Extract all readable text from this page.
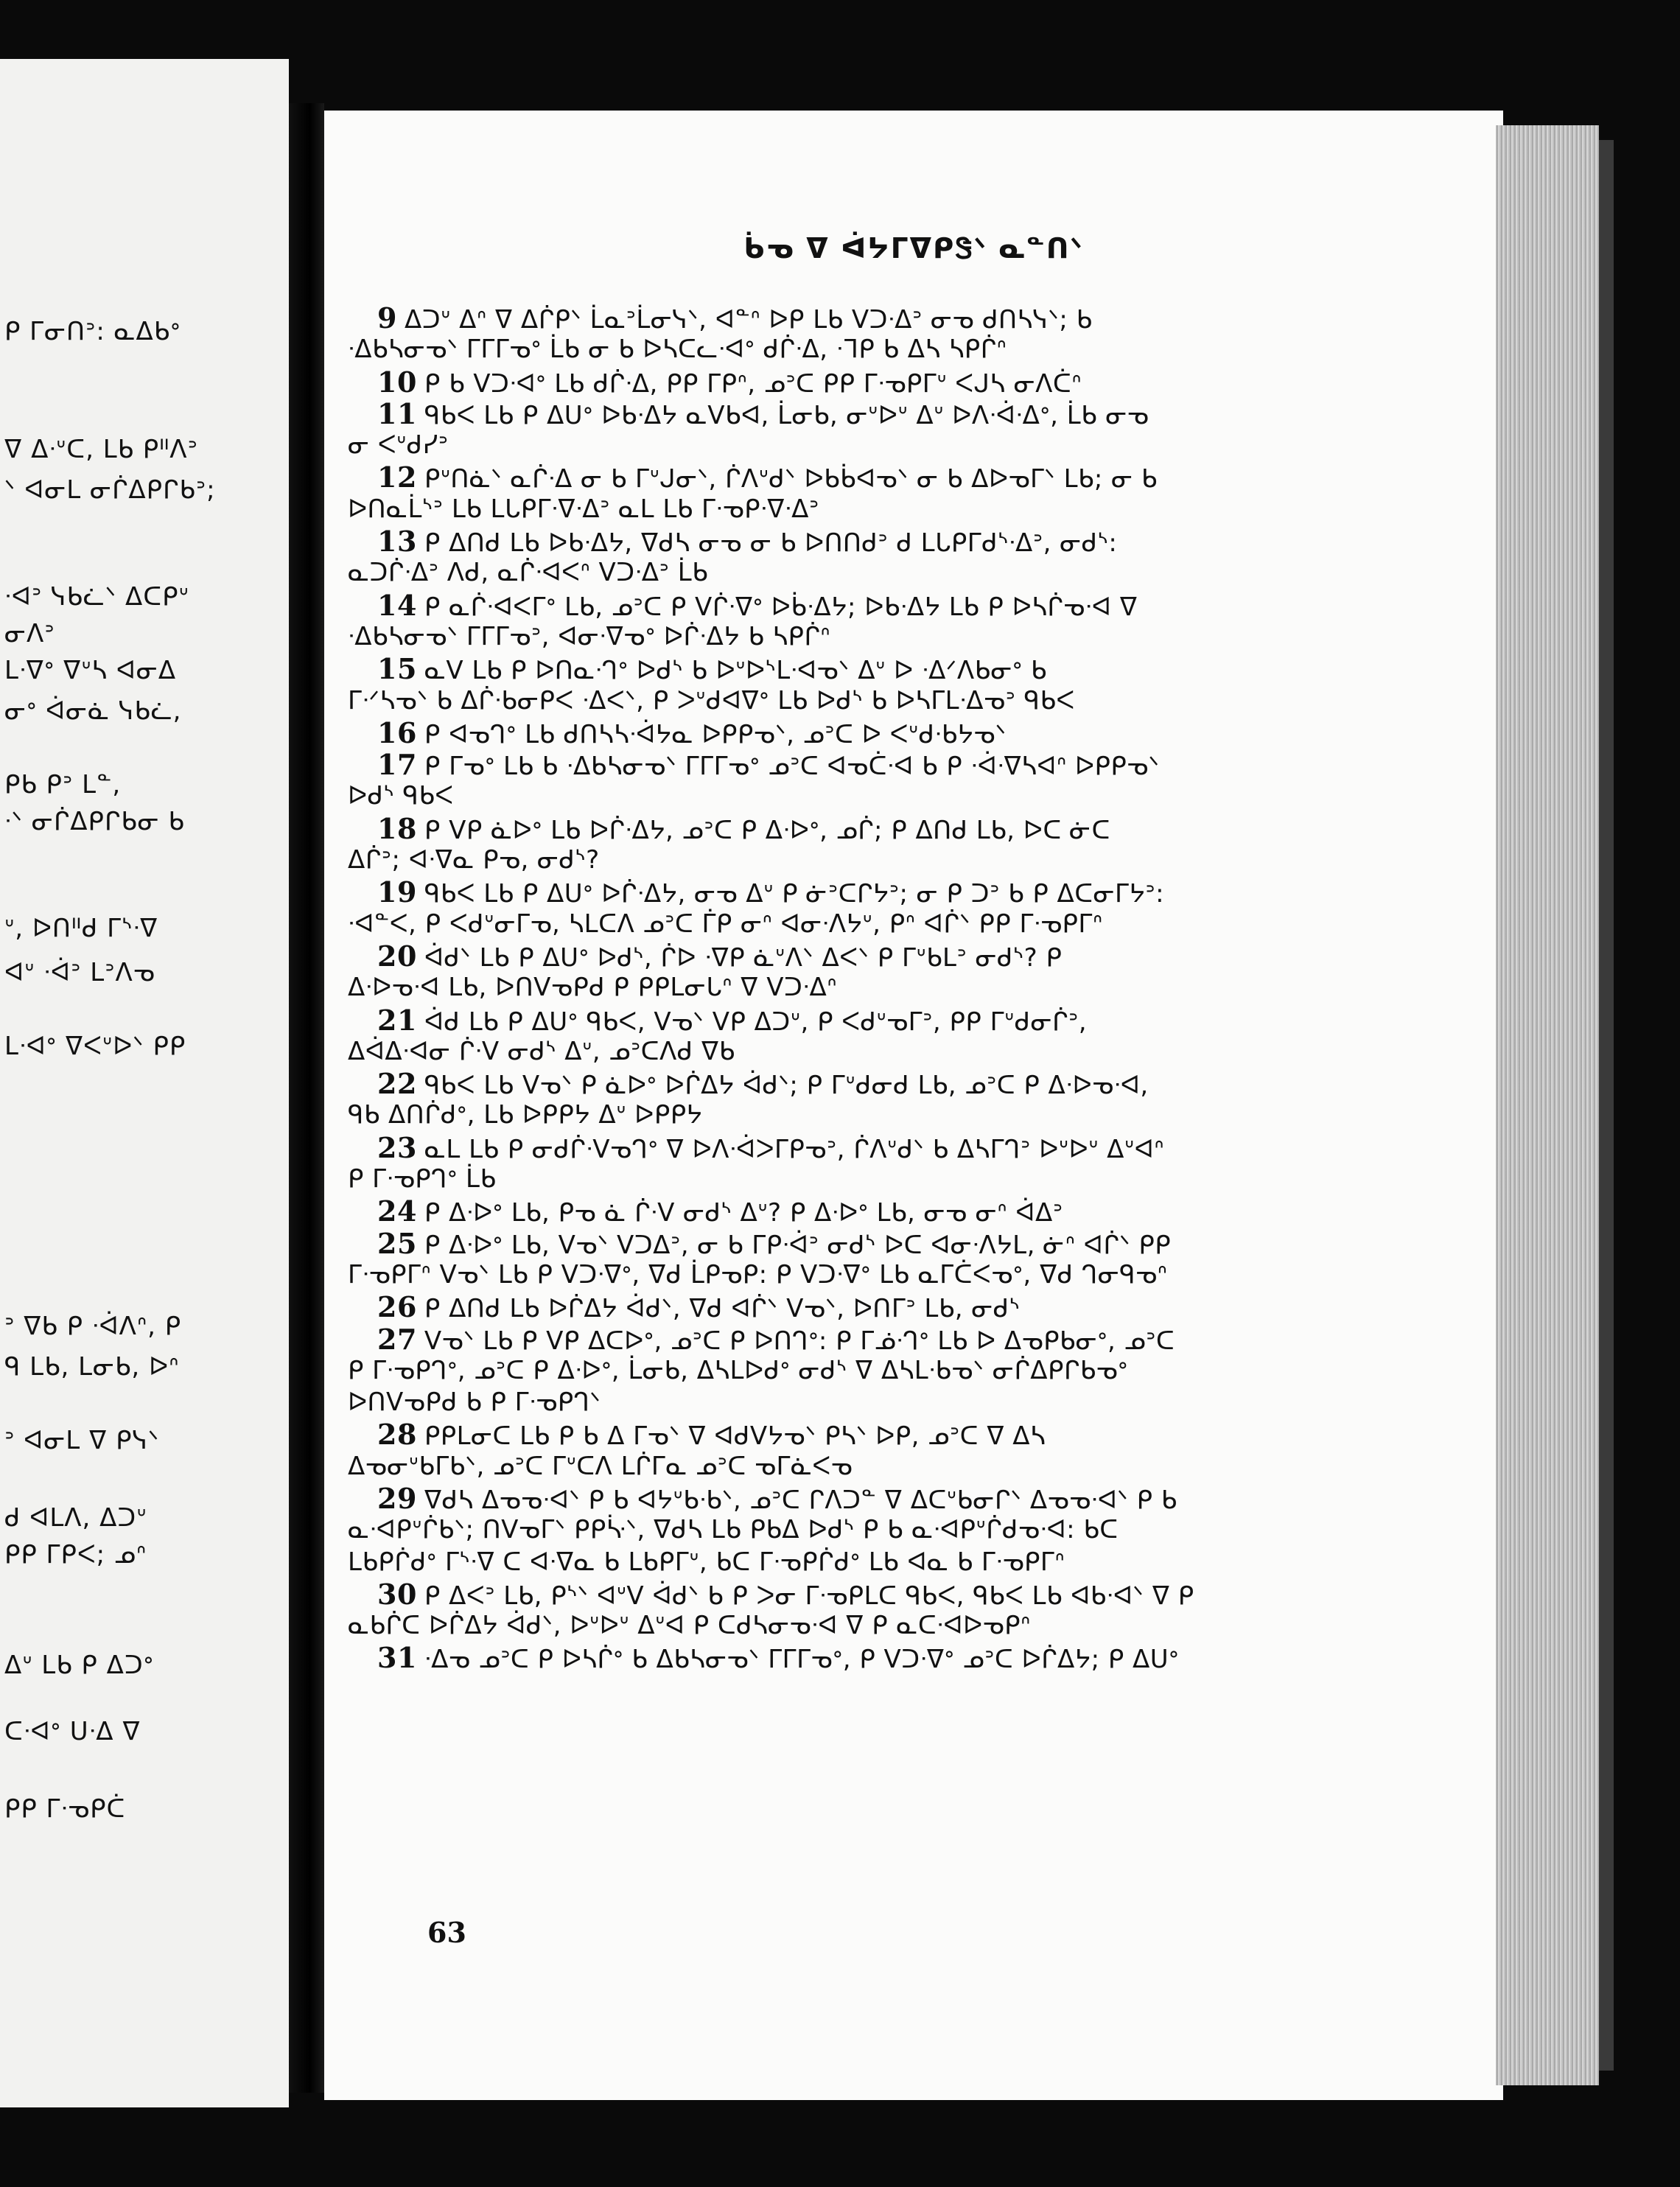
ᑭ ᒥᓂᑎᐣ: ᓇᐃᑲᐤ
ᐁ ᐃᐧᐡᑕ, ᒪᑲ ᑭᐦᐱᐣ
ᐠ ᐊᓂᒪ ᓂᒌᐃᑭᒋᑲᐣ;
ᐧᐊᐣ ᓭᑲᓛᐠ ᐃᑕᑭᐡ
ᓂᐱᐣ
ᒪᐧᐁᐤ ᐁᐡᓴ ᐊᓂᐃ
ᓂᐤ ᐋᓂᓈ ᓭᑲᓛ,
ᑭᑲ ᑭᐣ ᒪᓐ,
ᐧᐠ ᓂᒌᐃᑭᒋᑲᓂ ᑲ
ᐡ, ᐅᑎᐦᑯ ᒥᔅᐧᐁ
ᐊᐡ ᐧᐋᐣ ᒪᐣᐱᓀ
ᒪᐧᐊᐤ ᐁᐸᐡᐅᐠ ᑭᑭ
ᐣ ᐁᑲ ᑭ ᐧᐋᐱᐢ, ᑭ
ᑫ ᒪᑲ, ᒪᓂᑲ, ᐅᐢ
ᐣ ᐊᓂᒪ ᐁ ᑭᓭᐠ
ᑯ ᐊᒪᐱ, ᐃᑐᐡ
ᑭᑭ ᒥᑭᐸ; ᓄᐢ
ᐃᐡ ᒪᑲ ᑭ ᐃᑐᐤ
ᑕᐧᐊᐤ ᑌᐧᐃ ᐁ
ᑭᑭ ᒥᐧᓀᑭᑖ
ᑳᓀ ᐁ ᐋᔭᒥᐁᑭᏕᐠ ᓇᓐᑎᐠ
9 ᐃᑐᐡ ᐃᐢ ᐁ ᐃᒌᑭᐠ ᒫᓇᐣᒫᓂᓭᐠ, ᐊᓐᐢ ᐅᑭ ᒪᑲ ᐯᑐᐧᐃᐣ ᓂᓀ ᑯᑎᓴᓭᐠ; ᑲ
ᐧᐃᑲᓴᓂᓀᐠ ᒥᒥᒥᓀᐤ ᒫᑲ ᓂ ᑲ ᐅᓴᑕᓚᐧᐊᐤ ᑯᒌᐧᐃ, ᐧᒣᑭ ᑲ ᐃᓴ ᓴᑭᒌᐢ
10 ᑭ ᑲ ᐯᑐᐧᐊᐤ ᒪᑲ ᑯᒌᐧᐃ, ᑭᑭ ᒥᑭᐢ, ᓄᐣᑕ ᑭᑭ ᒥᐧᓀᑭᒥᐡ ᐸᒍᓴ ᓂᐱᑖᐢ
11 ᑫᑲᐸ ᒪᑲ ᑭ ᐃᑌᐤ ᐅᑲᐧᐃᔭ ᓇᐯᑲᐊ, ᒫᓂᑲ, ᓂᐡᐅᐡ ᐃᐡ ᐅᐱᐧᐋᐧᐃᐤ, ᒫᑲ ᓂᓀ
ᓂ ᐸᐡᑯᓯᐣ
12 ᑭᐡᑎᓈᐠ ᓇᒌᐧᐃ ᓂ ᑲ ᒥᐡᒍᓂᐠ, ᒌᐱᐡᑯᐠ ᐅᑲᑳᐊᓀᐠ ᓂ ᑲ ᐃᐅᓀᒥᐠ ᒪᑲ; ᓂ ᑲ
ᐅᑎᓇᒫᔅᐣ ᒪᑲ ᒪᒐᑭᒥᐧᐁᐧᐃᐣ ᓇᒪ ᒪᑲ ᒥᐧᓀᑭᐧᐁᐧᐃᐣ
13 ᑭ ᐃᑎᑯ ᒪᑲ ᐅᑲᐧᐃᔭ, ᐁᑯᓴ ᓂᓀ ᓂ ᑲ ᐅᑎᑎᑯᐣ ᑯ ᒪᒐᑭᒥᑯᔅᐧᐃᐣ, ᓂᑯᔅ:
ᓇᑐᒌᐧᐃᐣ ᐱᑯ, ᓇᒌᐧᐊᐸᐢ ᐯᑐᐧᐃᐣ ᒫᑲ
14 ᑭ ᓇᒌᐧᐊᐸᒥᐤ ᒪᑲ, ᓄᐣᑕ ᑭ ᐯᒌᐧᐁᐤ ᐅᑳᐧᐃᔭ; ᐅᑲᐧᐃᔭ ᒪᑲ ᑭ ᐅᓴᒌᓀᐧᐊ ᐁ
ᐧᐃᑲᓴᓂᓀᐠ ᒥᒥᒥᓀᐣ, ᐊᓂᐧᐁᓀᐤ ᐅᒌᐧᐃᔭ ᑲ ᓴᑭᒌᐢ
15 ᓇᐯ ᒪᑲ ᑭ ᐅᑎᓇᐧᒉᐤ ᐅᑯᔅ ᑲ ᐅᐡᐅᔅᒪᐧᐊᓀᐠ ᐃᐡ ᐅ ᐧᐃᐟᐱᑲᓂᐤ ᑲ
ᒥᐧᐟᓴᓀᐠ ᑲ ᐃᒌᐧᑲᓂᑭᐸ ᐧᐃᐸᐠ, ᑭ ᐳᐡᑯᐊᐁᐤ ᒪᑲ ᐅᑯᔅ ᑲ ᐅᓴᒥᒪᐧᐃᓀᐣ ᑫᑲᐸ
16 ᑭ ᐊᓀᒉᐤ ᒪᑲ ᑯᑎᓴᓴᐧᐋᔭᓇ ᐅᑭᑭᓀᐠ, ᓄᐣᑕ ᐅ ᐸᐡᑯᐧᑲᔭᓀᐠ
17 ᑭ ᒥᓀᐤ ᒪᑲ ᑲ ᐧᐃᑲᓴᓂᓀᐠ ᒥᒥᒥᓀᐤ ᓄᐣᑕ ᐊᓀᑖᐧᐊ ᑲ ᑭ ᐧᐋᐧᐁᓴᐊᐢ ᐅᑭᑭᓀᐠ
ᐅᑯᔅ ᑫᑲᐸ
18 ᑭ ᐯᑭ ᓈᐅᐤ ᒪᑲ ᐅᒌᐧᐃᔭ, ᓄᐣᑕ ᑭ ᐃᐧᐅᐤ, ᓄᒌ; ᑭ ᐃᑎᑯ ᒪᑲ, ᐅᑕ ᓃᑕ
ᐃᒌᐣ; ᐊᐧᐁᓇ ᑭᓀ, ᓂᑯᔅ?
19 ᑫᑲᐸ ᒪᑲ ᑭ ᐃᑌᐤ ᐅᒌᐧᐃᔭ, ᓂᓀ ᐃᐡ ᑭ ᓃᐣᑕᒋᔭᐣ; ᓂ ᑭ ᑐᐣ ᑲ ᑭ ᐃᑕᓂᒥᔭᐣ:
ᐧᐊᓐᐸ, ᑭ ᐸᑯᐡᓂᒥᓀ, ᓴᒪᑕᐱ ᓄᐣᑕ ᒦᑭ ᓂᐢ ᐊᓂᐧᐱᔭᐡ, ᑭᐢ ᐊᒌᐠ ᑭᑭ ᒥᐧᓀᑭᒥᐢ
20 ᐋᑯᐠ ᒪᑲ ᑭ ᐃᑌᐤ ᐅᑯᔅ, ᒌᐅ ᐧᐁᑭ ᓈᐡᐱᐠ ᐃᐸᐠ ᑭ ᒥᐡᑲᒪᐣ ᓂᑯᔅ? ᑭ
ᐃᐧᐅᓀᐧᐊ ᒪᑲ, ᐅᑎᐯᓀᑭᑯ ᑭ ᑭᑭᒪᓂᒐᐢ ᐁ ᐯᑐᐧᐃᐢ
21 ᐋᑯ ᒪᑲ ᑭ ᐃᑌᐤ ᑫᑲᐸ, ᐯᓀᐠ ᐯᑭ ᐃᑐᐡ, ᑭ ᐸᑯᐡᓀᒥᐣ, ᑭᑭ ᒥᐡᑯᓂᒌᐣ,
ᐃᐋᐃᐧᐊᓂ ᒌᐧᐯ ᓂᑯᔅ ᐃᐡ, ᓄᐣᑕᐱᑯ ᐁᑲ
22 ᑫᑲᐸ ᒪᑲ ᐯᓀᐠ ᑭ ᓈᐅᐤ ᐅᒌᐃᔭ ᐋᑯᐠ; ᑭ ᒥᐡᑯᓂᑯ ᒪᑲ, ᓄᐣᑕ ᑭ ᐃᐧᐅᓀᐧᐊ,
ᑫᑲ ᐃᑎᒌᑯᐤ, ᒪᑲ ᐅᑭᑭᔭ ᐃᐡ ᐅᑭᑭᔭ
23 ᓇᒪ ᒪᑲ ᑭ ᓂᑯᒌᐧᐯᓀᒉᐤ ᐁ ᐅᐱᐧᐋᐳᒥᑭᓀᐣ, ᒌᐱᐡᑯᐠ ᑲ ᐃᓴᒥᒉᐣ ᐅᐡᐅᐡ ᐃᐡᐊᐢ
ᑭ ᒥᐧᓀᑭᒉᐤ ᒫᑲ
24 ᑭ ᐃᐧᐅᐤ ᒪᑲ, ᑭᓀ ᓈ ᒌᐧᐯ ᓂᑯᔅ ᐃᐡ? ᑭ ᐃᐧᐅᐤ ᒪᑲ, ᓂᓀ ᓂᐢ ᐋᐃᐣ
25 ᑭ ᐃᐧᐅᐤ ᒪᑲ, ᐯᓀᐠ ᐯᑐᐃᐣ, ᓂ ᑲ ᒥᑭᐧᐋᐣ ᓂᑯᔅ ᐅᑕ ᐊᓂᐧᐱᔭᒪ, ᓃᐢ ᐊᒌᐠ ᑭᑭ
ᒥᐧᓀᑭᒥᐢ ᐯᓀᐠ ᒪᑲ ᑭ ᐯᑐᐧᐁᐤ, ᐁᑯ ᒫᑭᓀᑭ: ᑭ ᐯᑐᐧᐁᐤ ᒪᑲ ᓇᒥᑖᐸᓀᐤ, ᐁᑯ ᒉᓂᑫᓀᐢ
26 ᑭ ᐃᑎᑯ ᒪᑲ ᐅᒌᐃᔭ ᐋᑯᐠ, ᐁᑯ ᐊᒌᐠ ᐯᓀᐠ, ᐅᑎᒥᐣ ᒪᑲ, ᓂᑯᔅ
27 ᐯᓀᐠ ᒪᑲ ᑭ ᐯᑭ ᐃᑕᐅᐤ, ᓄᐣᑕ ᑭ ᐅᑎᒉᐤ: ᑭ ᒥᓅᐧᒉᐤ ᒪᑲ ᐅ ᐃᓀᑭᑲᓂᐤ, ᓄᐣᑕ
ᑭ ᒥᐧᓀᑭᒉᐤ, ᓄᐣᑕ ᑭ ᐃᐧᐅᐤ, ᒫᓂᑲ, ᐃᓴᒪᐅᑯᐤ ᓂᑯᔅ ᐁ ᐃᓴᒪᐧᑲᓀᐠ ᓂᒌᐃᑭᒋᑲᓀᐤ
ᐅᑎᐯᓀᑭᑯ ᑲ ᑭ ᒥᐧᓀᑭᒉᐠ
28 ᑭᑭᒪᓂᑕ ᒪᑲ ᑭ ᑲ ᐃ ᒥᓀᐠ ᐁ ᐊᑯᐯᔭᓀᐠ ᑭᓴᐠ ᐅᑭ, ᓄᐣᑕ ᐁ ᐃᓴ
ᐃᓀᓂᐡᑲᒥᑲᐠ, ᓄᐣᑕ ᒥᐡᑕᐱ ᒪᒌᒥᓇ ᓄᐣᑕ ᓀᒥᓈᐸᓀ
29 ᐁᑯᓴ ᐃᓀᓀᐧᐊᐠ ᑭ ᑲ ᐊᔭᐡᑲᐧᑲᐠ, ᓄᐣᑕ ᒋᐱᑐᓐ ᐁ ᐃᑕᐡᑲᓂᒋᐠ ᐃᓀᓀᐧᐊᐠ ᑭ ᑲ
ᓇᐧᐊᑭᐡᒌᑲᐠ; ᑎᐯᓀᒥᐠ ᑭᑭᔃᐠ, ᐁᑯᓴ ᒪᑲ ᑭᑲᐃ ᐅᑯᔅ ᑭ ᑲ ᓇᐧᐊᑭᐡᒌᑯᓀᐧᐊ: ᑲᑕ
ᒪᑲᑭᒌᑯᐤ ᒥᔅᐧᐁ ᑕ ᐊᐧᐁᓇ ᑲ ᒪᑲᑭᒥᐡ, ᑲᑕ ᒥᐧᓀᑭᒌᑯᐤ ᒪᑲ ᐊᓇ ᑲ ᒥᐧᓀᑭᒥᐢ
30 ᑭ ᐃᐸᐣ ᒪᑲ, ᑭᔅᐠ ᐊᐡᐯ ᐋᑯᐠ ᑲ ᑭ ᐳᓂ ᒥᐧᓀᑭᒪᑕ ᑫᑲᐸ, ᑫᑲᐸ ᒪᑲ ᐊᑲᐧᐊᐠ ᐁ ᑭ
ᓇᑲᒌᑕ ᐅᒌᐃᔭ ᐋᑯᐠ, ᐅᐡᐅᐡ ᐃᐡᐊ ᑭ ᑕᑯᓴᓂᓀᐧᐊ ᐁ ᑭ ᓇᑕᐧᐊᐅᓀᑭᐢ
31 ᐧᐃᓀ ᓄᐣᑕ ᑭ ᐅᓴᒌᐤ ᑲ ᐃᑲᓴᓂᓀᐠ ᒥᒥᒥᓀᐤ, ᑭ ᐯᑐᐧᐁᐤ ᓄᐣᑕ ᐅᒌᐃᔭ; ᑭ ᐃᑌᐤ
63
